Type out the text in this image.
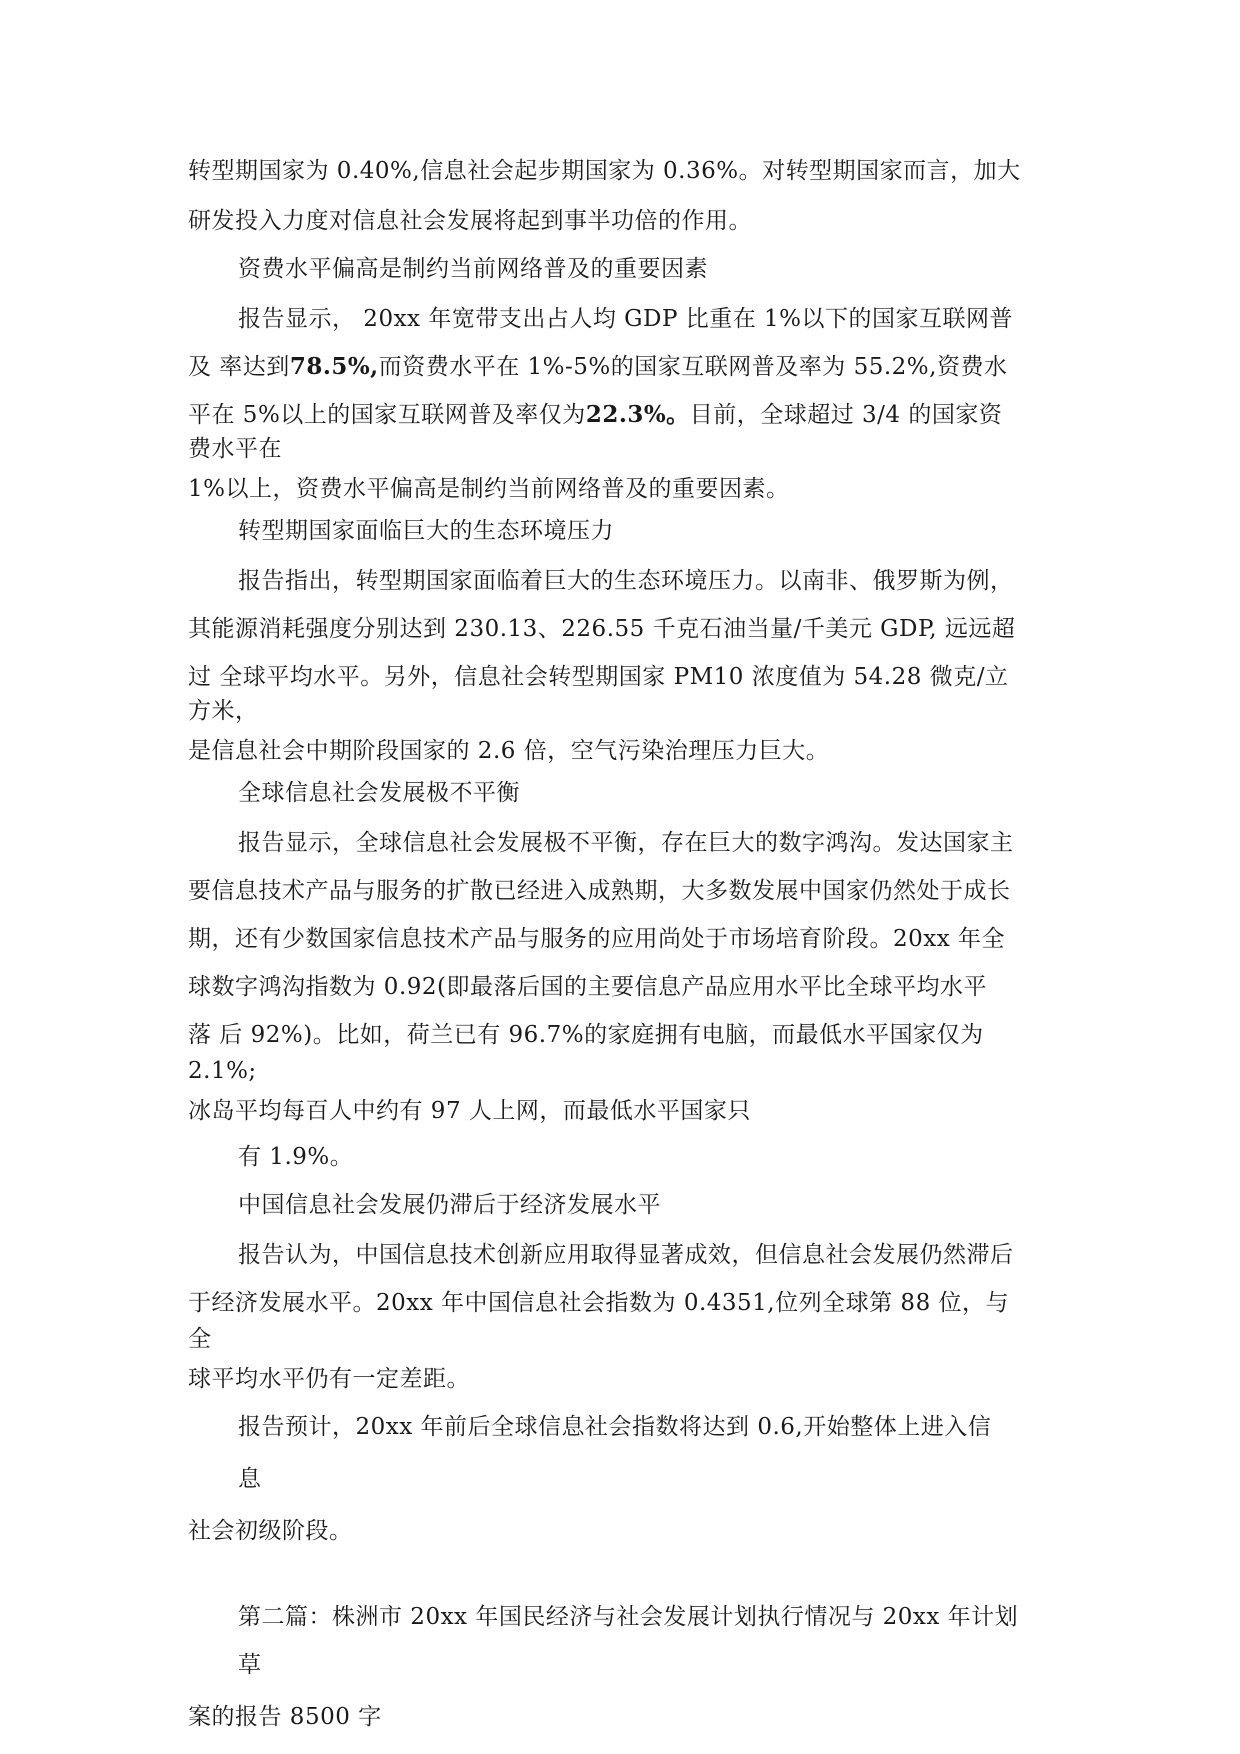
转型期国家为 0.40%,信息社会起步期国家为 0.36%。对转型期国家而言，加大
研发投入力度对信息社会发展将起到事半功倍的作用。
资费水平偏高是制约当前网络普及的重要因素
报告显示， 20xx 年宽带支出占人均 GDP 比重在 1%以下的国家互联网普
及 率达到78.5%,而资费水平在 1%-5%的国家互联网普及率为 55.2%,资费水
平在 5%以上的国家互联网普及率仅为22.3%。目前，全球超过 3/4 的国家资
费水平在
1%以上，资费水平偏高是制约当前网络普及的重要因素。
转型期国家面临巨大的生态环境压力
报告指出，转型期国家面临着巨大的生态环境压力。以南非、俄罗斯为例，
其能源消耗强度分别达到 230.13、226.55 千克石油当量/千美元 GDP, 远远超
过 全球平均水平。另外，信息社会转型期国家 PM10 浓度值为 54.28 微克/立
方米，
是信息社会中期阶段国家的 2.6 倍，空气污染治理压力巨大。
全球信息社会发展极不平衡
报告显示，全球信息社会发展极不平衡，存在巨大的数字鸿沟。发达国家主
要信息技术产品与服务的扩散已经进入成熟期，大多数发展中国家仍然处于成长
期，还有少数国家信息技术产品与服务的应用尚处于市场培育阶段。20xx 年全
球数字鸿沟指数为 0.92(即最落后国的主要信息产品应用水平比全球平均水平
落 后 92%)。比如，荷兰已有 96.7%的家庭拥有电脑，而最低水平国家仅为
2.1%;
冰岛平均每百人中约有 97 人上网，而最低水平国家只
有 1.9%。
中国信息社会发展仍滞后于经济发展水平
报告认为，中国信息技术创新应用取得显著成效，但信息社会发展仍然滞后
于经济发展水平。20xx 年中国信息社会指数为 0.4351,位列全球第 88 位，与
全
球平均水平仍有一定差距。
报告预计，20xx 年前后全球信息社会指数将达到 0.6,开始整体上进入信
息
社会初级阶段。
第二篇：株洲市 20xx 年国民经济与社会发展计划执行情况与 20xx 年计划
草
案的报告 8500 字
